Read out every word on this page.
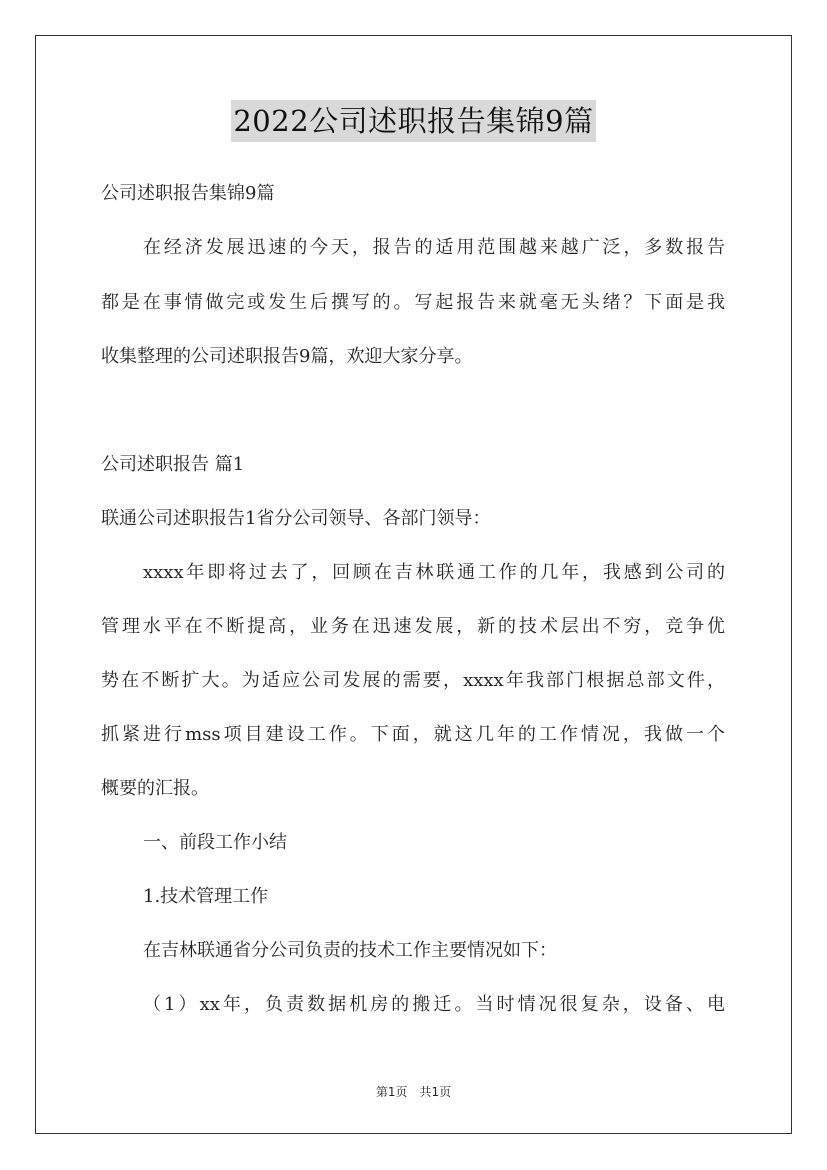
2022公司述职报告集锦9篇
公司述职报告集锦9篇
在经济发展迅速的今天，报告的适用范围越来越广泛，多数报告
都是在事情做完或发生后撰写的。写起报告来就毫无头绪？下面是我
收集整理的公司述职报告9篇，欢迎大家分享。
公司述职报告 篇1
联通公司述职报告1省分公司领导、各部门领导：
xxxx年即将过去了，回顾在吉林联通工作的几年，我感到公司的
管理水平在不断提高，业务在迅速发展，新的技术层出不穷，竞争优
势在不断扩大。为适应公司发展的需要，xxxx年我部门根据总部文件，
抓紧进行mss项目建设工作。下面，就这几年的工作情况，我做一个
概要的汇报。
一、前段工作小结
1.技术管理工作
在吉林联通省分公司负责的技术工作主要情况如下：
（1）xx年，负责数据机房的搬迁。当时情况很复杂，设备、电
第1页　共1页
